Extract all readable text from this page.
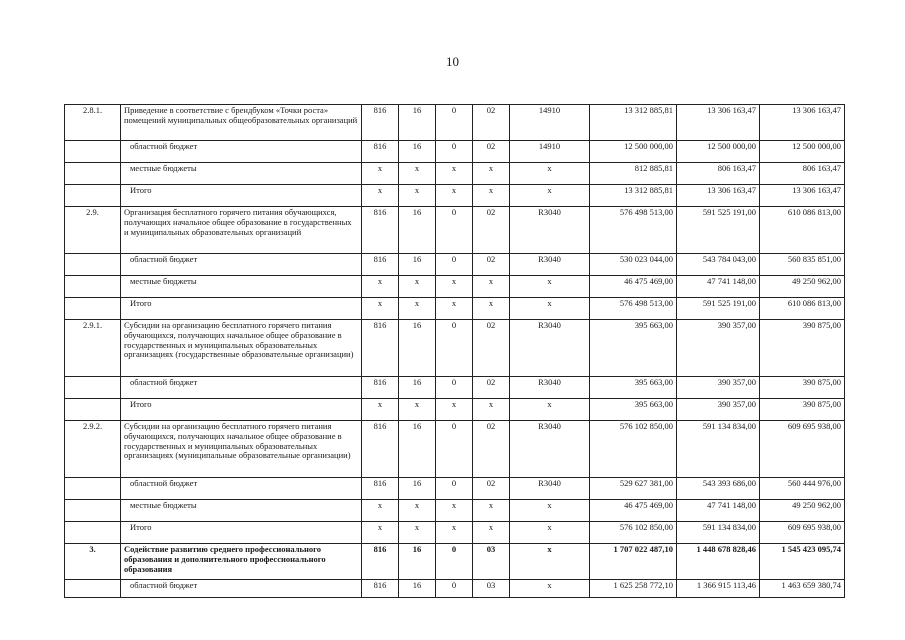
10
2.8.1.	Приведение в соответствие с брендбуком «Точки роста» помещений муниципальных общеобразовательных организаций	816	16	0	02	14910	13 312 885,81	13 306 163,47	13 306 163,47
	областной бюджет	816	16	0	02	14910	12 500 000,00	12 500 000,00	12 500 000,00
	местные бюджеты	x	x	x	x	x	812 885,81	806 163,47	806 163,47
	Итого	x	x	x	x	x	13 312 885,81	13 306 163,47	13 306 163,47
2.9.	Организация бесплатного горячего питания обучающихся, получающих начальное общее образование в государственных и муниципальных образовательных организаций	816	16	0	02	R3040	576 498 513,00	591 525 191,00	610 086 813,00
	областной бюджет	816	16	0	02	R3040	530 023 044,00	543 784 043,00	560 835 851,00
	местные бюджеты	x	x	x	x	x	46 475 469,00	47 741 148,00	49 250 962,00
	Итого	x	x	x	x	x	576 498 513,00	591 525 191,00	610 086 813,00
2.9.1.	Субсидии на организацию бесплатного горячего питания обучающихся, получающих начальное общее образование в государственных и муниципальных образовательных организациях (государственные образовательные организации)	816	16	0	02	R3040	395 663,00	390 357,00	390 875,00
	областной бюджет	816	16	0	02	R3040	395 663,00	390 357,00	390 875,00
	Итого	x	x	x	x	x	395 663,00	390 357,00	390 875,00
2.9.2.	Субсидии на организацию бесплатного горячего питания обучающихся, получающих начальное общее образование в государственных и муниципальных образовательных организациях (муниципальные образовательные организации)	816	16	0	02	R3040	576 102 850,00	591 134 834,00	609 695 938,00
	областной бюджет	816	16	0	02	R3040	529 627 381,00	543 393 686,00	560 444 976,00
	местные бюджеты	x	x	x	x	x	46 475 469,00	47 741 148,00	49 250 962,00
	Итого	x	x	x	x	x	576 102 850,00	591 134 834,00	609 695 938,00
3.	Содействие развитию среднего профессионального образования и дополнительного профессионального образования	816	16	0	03	x	1 707 022 487,10	1 448 678 828,46	1 545 423 095,74
	областной бюджет	816	16	0	03	x	1 625 258 772,10	1 366 915 113,46	1 463 659 380,74
